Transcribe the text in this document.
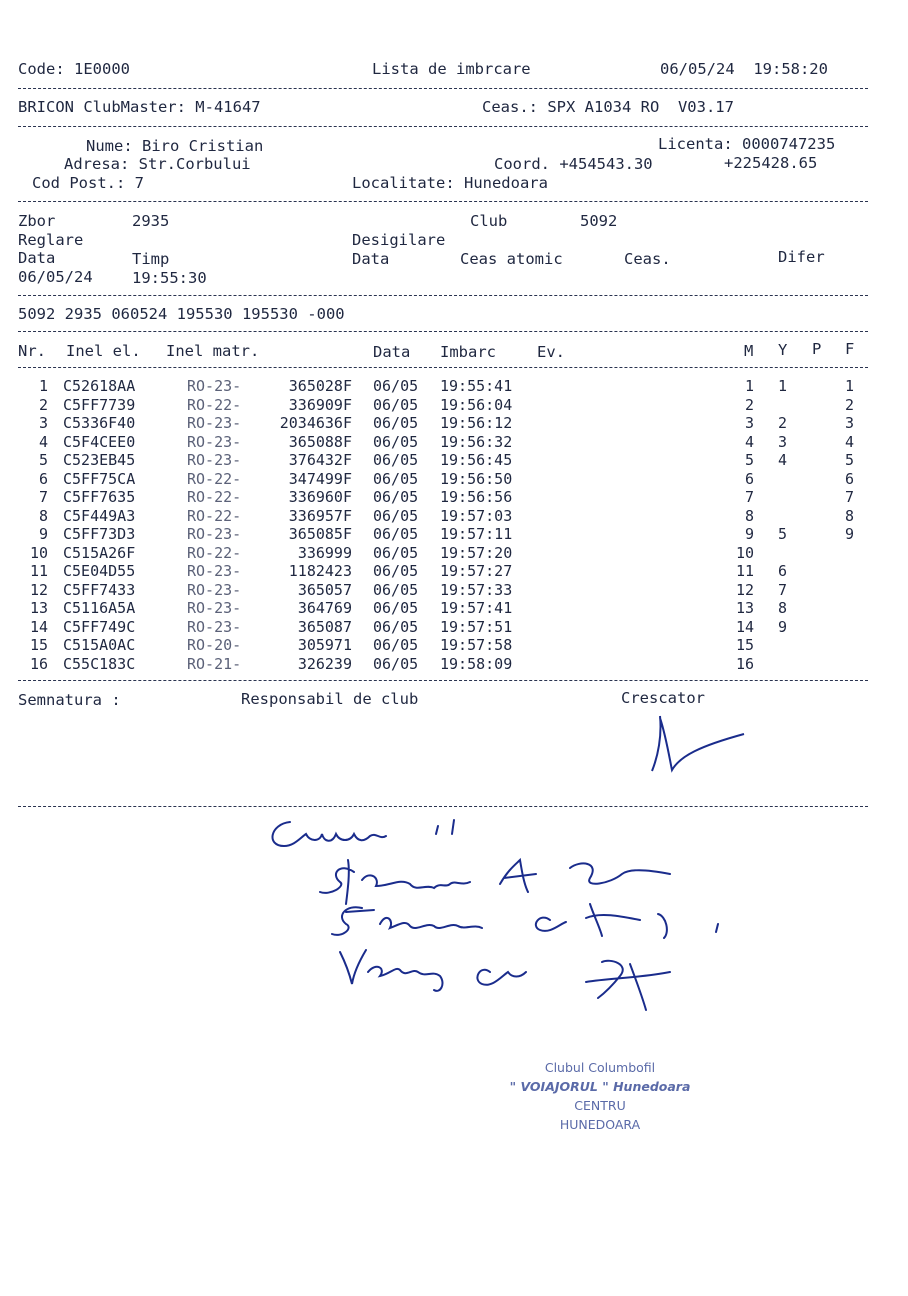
Code: 1E0000	Lista de imbrcare	06/05/24  19:58:20
BRICON ClubMaster: M-41647	Ceas.: SPX A1034 RO  V03.17
Nume: Biro Cristian	Licenta: 0000747235
Adresa: Str.Corbului	Coord. +454543.30	+225428.65
Cod Post.: 7	Localitate: Hunedoara
Zbor	2935	Club	5092
Reglare	Desigilare
Data	Timp	Data	Ceas atomic	Ceas.	Difer
06/05/24	19:55:30
5092 2935 060524 195530 195530 -000
Nr. Inel el. Inel matr.	Data Imbarc	Ev.	M Y P F
1 C52618AA	RO-23-	365028F 06/05 19:55:41	1 1	1
2 C5FF7739	RO-22-	336909F 06/05 19:56:04	2	2
3 C5336F40	RO-23-	2034636F 06/05 19:56:12	3 2	3
4 C5F4CEE0	RO-23-	365088F 06/05 19:56:32	4 3	4
5 C523EB45	RO-23-	376432F 06/05 19:56:45	5 4	5
6 C5FF75CA	RO-22-	347499F 06/05 19:56:50	6	6
7 C5FF7635	RO-22-	336960F 06/05 19:56:56	7	7
8 C5F449A3	RO-22-	336957F 06/05 19:57:03	8	8
9 C5FF73D3	RO-23-	365085F 06/05 19:57:11	9 5	9
10 C515A26F	RO-22-	336999 06/05 19:57:20	10
11 C5E04D55	RO-23-	1182423 06/05 19:57:27	11 6
12 C5FF7433	RO-23-	365057 06/05 19:57:33	12 7
13 C5116A5A	RO-23-	364769 06/05 19:57:41	13 8
14 C5FF749C	RO-23-	365087 06/05 19:57:51	14 9
15 C515A0AC	RO-20-	305971 06/05 19:57:58	15
16 C55C183C	RO-21-	326239 06/05 19:58:09	16
Semnatura :	Responsabil de club	Crescator
Clubul Columbofil
" VOIAJORUL " Hunedoara
CENTRU
HUNEDOARA
